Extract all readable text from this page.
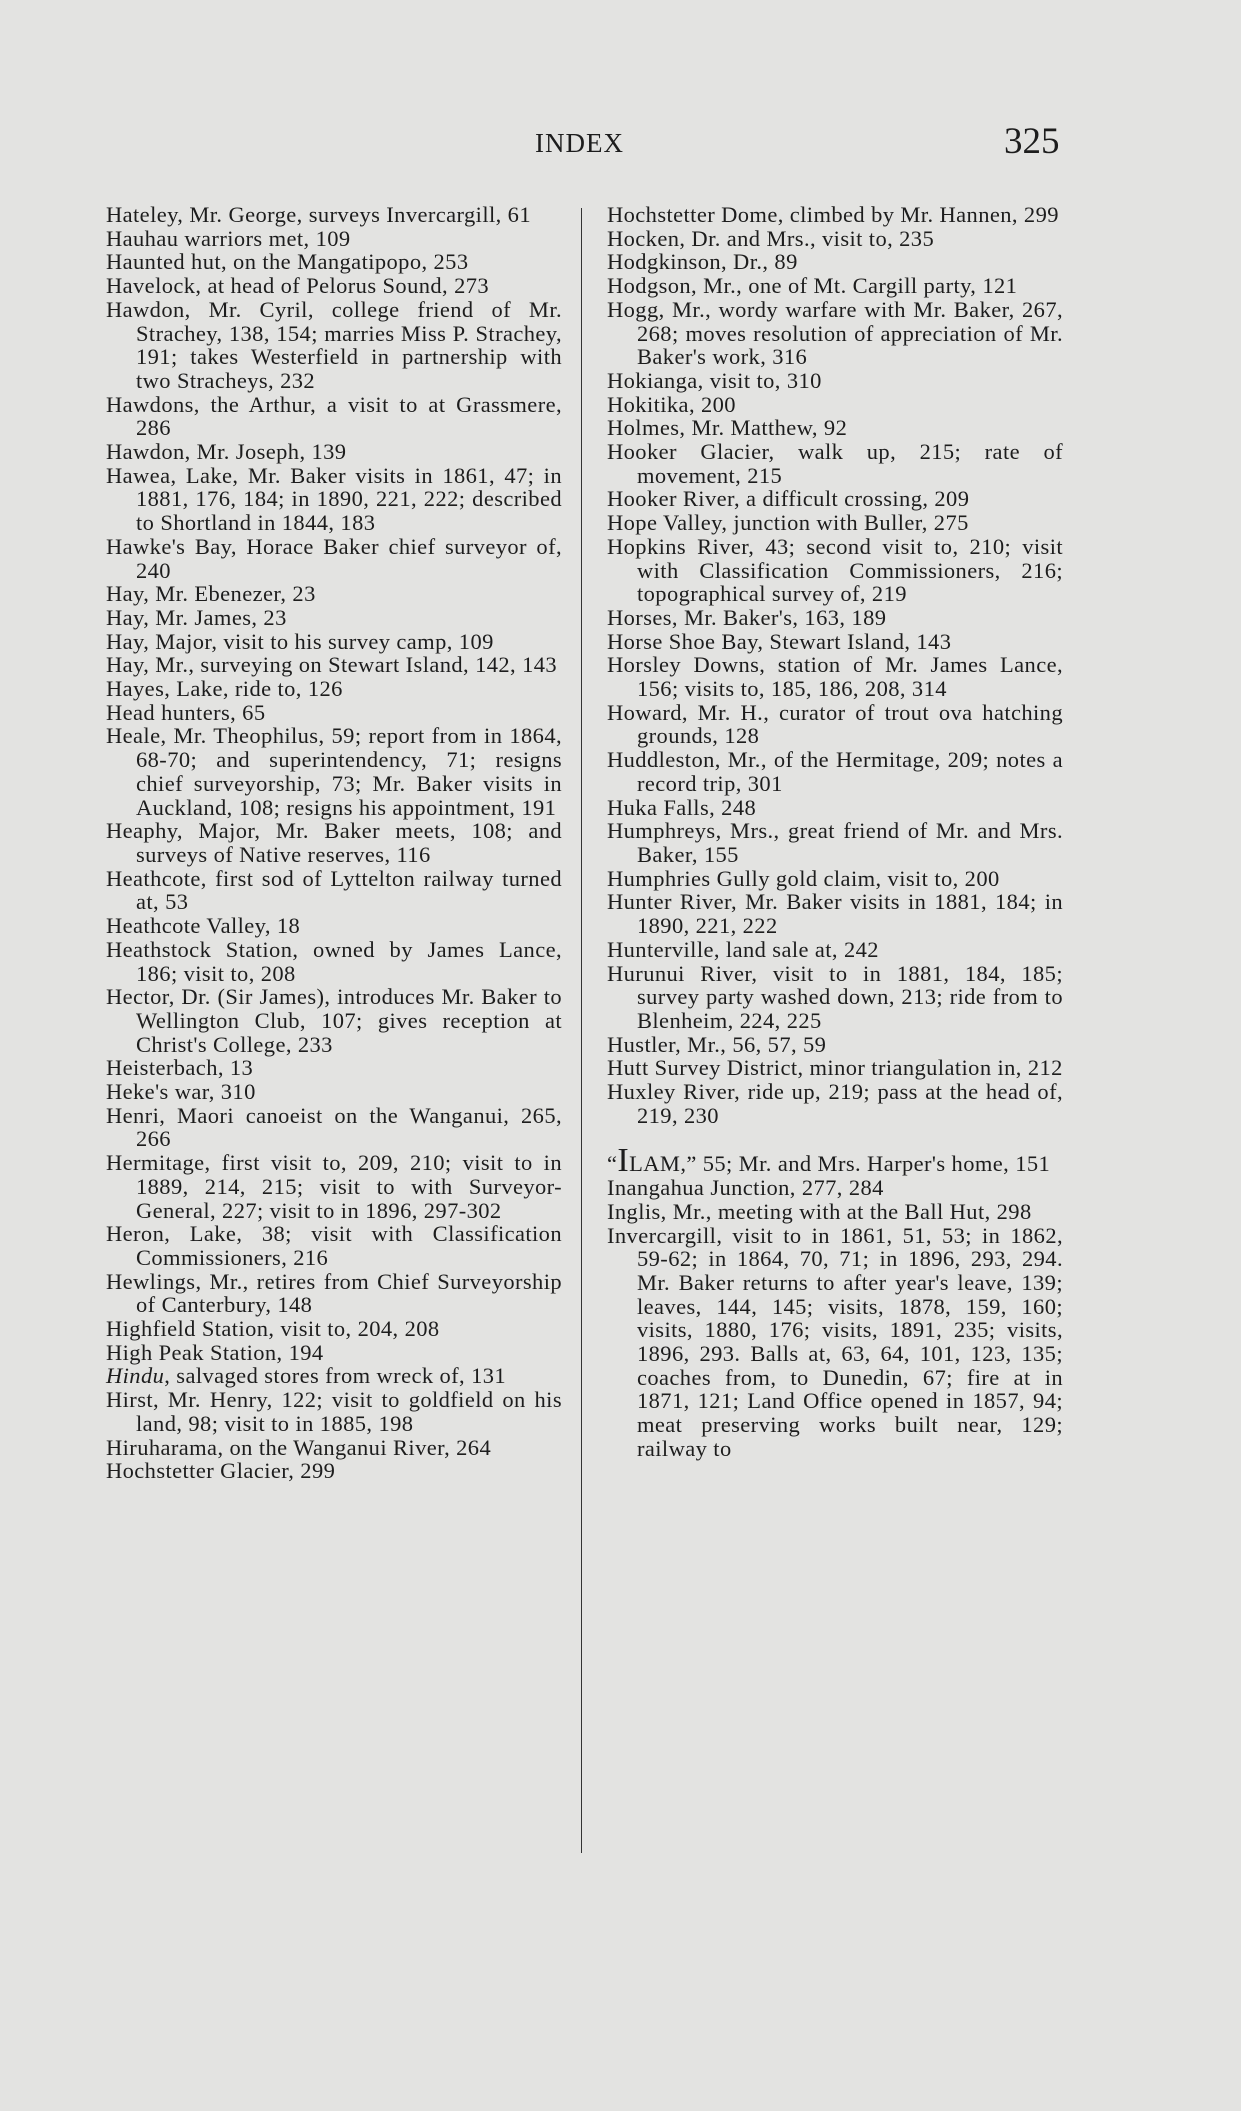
INDEX	325

Hateley, Mr. George, surveys Invercargill, 61

Hauhau warriors met, 109

Haunted hut, on the Mangatipopo, 253

Havelock, at head of Pelorus Sound, 273

Hawdon, Mr. Cyril, college friend of Mr. Strachey, 138, 154; marries Miss P. Strachey, 191; takes Westerfield in partnership with two Stracheys, 232

Hawdons, the Arthur, a visit to at Grassmere, 286

Hawdon, Mr. Joseph, 139

Hawea, Lake, Mr. Baker visits in 1861, 47; in 1881, 176, 184; in 1890, 221, 222; described to Shortland in 1844, 183

Hawke's Bay, Horace Baker chief surveyor of, 240

Hay, Mr. Ebenezer, 23

Hay, Mr. James, 23

Hay, Major, visit to his survey camp, 109

Hay, Mr., surveying on Stewart Island, 142, 143

Hayes, Lake, ride to, 126

Head hunters, 65

Heale, Mr. Theophilus, 59; report from in 1864, 68-70; and superintendency, 71; resigns chief surveyorship, 73; Mr. Baker visits in Auckland, 108; resigns his appointment, 191

Heaphy, Major, Mr. Baker meets, 108; and surveys of Native reserves, 116

Heathcote, first sod of Lyttelton railway turned at, 53

Heathcote Valley, 18

Heathstock Station, owned by James Lance, 186; visit to, 208

Hector, Dr. (Sir James), introduces Mr. Baker to Wellington Club, 107; gives reception at Christ's College, 233

Heisterbach, 13

Heke's war, 310

Henri, Maori canoeist on the Wanganui, 265, 266

Hermitage, first visit to, 209, 210; visit to in 1889, 214, 215; visit to with Surveyor-General, 227; visit to in 1896, 297-302

Heron, Lake, 38; visit with Classification Commissioners, 216

Hewlings, Mr., retires from Chief Surveyorship of Canterbury, 148

Highfield Station, visit to, 204, 208

High Peak Station, 194

Hindu, salvaged stores from wreck of, 131

Hirst, Mr. Henry, 122; visit to goldfield on his land, 98; visit to in 1885, 198

Hiruharama, on the Wanganui River, 264

Hochstetter Glacier, 299

Hochstetter Dome, climbed by Mr. Hannen, 299

Hocken, Dr. and Mrs., visit to, 235

Hodgkinson, Dr., 89

Hodgson, Mr., one of Mt. Cargill party, 121

Hogg, Mr., wordy warfare with Mr. Baker, 267, 268; moves resolution of appreciation of Mr. Baker's work, 316

Hokianga, visit to, 310

Hokitika, 200

Holmes, Mr. Matthew, 92

Hooker Glacier, walk up, 215; rate of movement, 215

Hooker River, a difficult crossing, 209

Hope Valley, junction with Buller, 275

Hopkins River, 43; second visit to, 210; visit with Classification Commissioners, 216; topographical survey of, 219

Horses, Mr. Baker's, 163, 189

Horse Shoe Bay, Stewart Island, 143

Horsley Downs, station of Mr. James Lance, 156; visits to, 185, 186, 208, 314

Howard, Mr. H., curator of trout ova hatching grounds, 128

Huddleston, Mr., of the Hermitage, 209; notes a record trip, 301

Huka Falls, 248

Humphreys, Mrs., great friend of Mr. and Mrs. Baker, 155

Humphries Gully gold claim, visit to, 200

Hunter River, Mr. Baker visits in 1881, 184; in 1890, 221, 222

Hunterville, land sale at, 242

Hurunui River, visit to in 1881, 184, 185; survey party washed down, 213; ride from to Blenheim, 224, 225

Hustler, Mr., 56, 57, 59

Hutt Survey District, minor triangulation in, 212

Huxley River, ride up, 219; pass at the head of, 219, 230

“ILAM,” 55; Mr. and Mrs. Harper's home, 151

Inangahua Junction, 277, 284

Inglis, Mr., meeting with at the Ball Hut, 298

Invercargill, visit to in 1861, 51, 53; in 1862, 59-62; in 1864, 70, 71; in 1896, 293, 294. Mr. Baker returns to after year's leave, 139; leaves, 144, 145; visits, 1878, 159, 160; visits, 1880, 176; visits, 1891, 235; visits, 1896, 293. Balls at, 63, 64, 101, 123, 135; coaches from, to Dunedin, 67; fire at in 1871, 121; Land Office opened in 1857, 94; meat preserving works built near, 129; railway to
